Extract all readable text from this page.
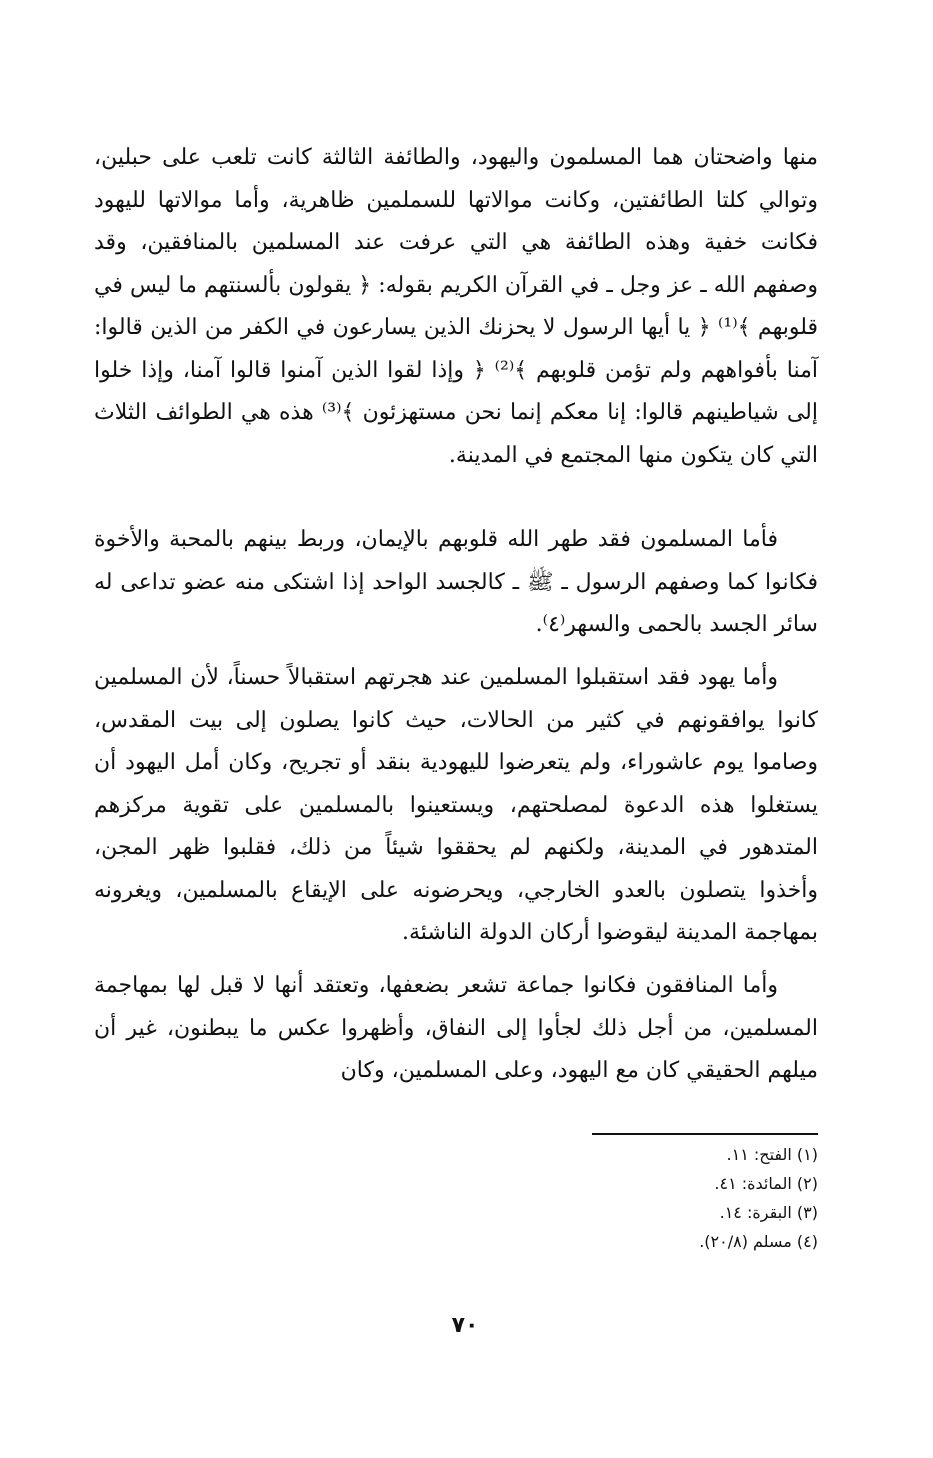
منها واضحتان هما المسلمون واليهود، والطائفة الثالثة كانت تلعب على حبلين، وتوالي كلتا الطائفتين، وكانت موالاتها للسملمين ظاهرية، وأما موالاتها لليهود فكانت خفية وهذه الطائفة هي التي عرفت عند المسلمين بالمنافقين، وقد وصفهم الله ـ عز وجل ـ في القرآن الكريم بقوله: ﴿ يقولون بألسنتهم ما ليس في قلوبهم ﴾⁽¹⁾ ﴿ يا أيها الرسول لا يحزنك الذين يسارعون في الكفر من الذين قالوا: آمنا بأفواههم ولم تؤمن قلوبهم ﴾⁽²⁾ ﴿ وإذا لقوا الذين آمنوا قالوا آمنا، وإذا خلوا إلى شياطينهم قالوا: إنا معكم إنما نحن مستهزئون ﴾⁽³⁾ هذه هي الطوائف الثلاث التي كان يتكون منها المجتمع في المدينة.

فأما المسلمون فقد طهر الله قلوبهم بالإيمان، وربط بينهم بالمحبة والأخوة فكانوا كما وصفهم الرسول ـ ﷺ ـ كالجسد الواحد إذا اشتكى منه عضو تداعى له سائر الجسد بالحمى والسهر⁽٤⁾.

وأما يهود فقد استقبلوا المسلمين عند هجرتهم استقبالاً حسناً، لأن المسلمين كانوا يوافقونهم في كثير من الحالات، حيث كانوا يصلون إلى بيت المقدس، وصاموا يوم عاشوراء، ولم يتعرضوا لليهودية بنقد أو تجريح، وكان أمل اليهود أن يستغلوا هذه الدعوة لمصلحتهم، ويستعينوا بالمسلمين على تقوية مركزهم المتدهور في المدينة، ولكنهم لم يحققوا شيئاً من ذلك، فقلبوا ظهر المجن، وأخذوا يتصلون بالعدو الخارجي، ويحرضونه على الإيقاع بالمسلمين، ويغرونه بمهاجمة المدينة ليقوضوا أركان الدولة الناشئة.

وأما المنافقون فكانوا جماعة تشعر بضعفها، وتعتقد أنها لا قبل لها بمهاجمة المسلمين، من أجل ذلك لجأوا إلى النفاق، وأظهروا عكس ما يبطنون، غير أن ميلهم الحقيقي كان مع اليهود، وعلى المسلمين، وكان

(١) الفتح: ١١.

(٢) المائدة: ٤١.

(٣) البقرة: ١٤.

(٤) مسلم (٢٠/٨).

٧٠
